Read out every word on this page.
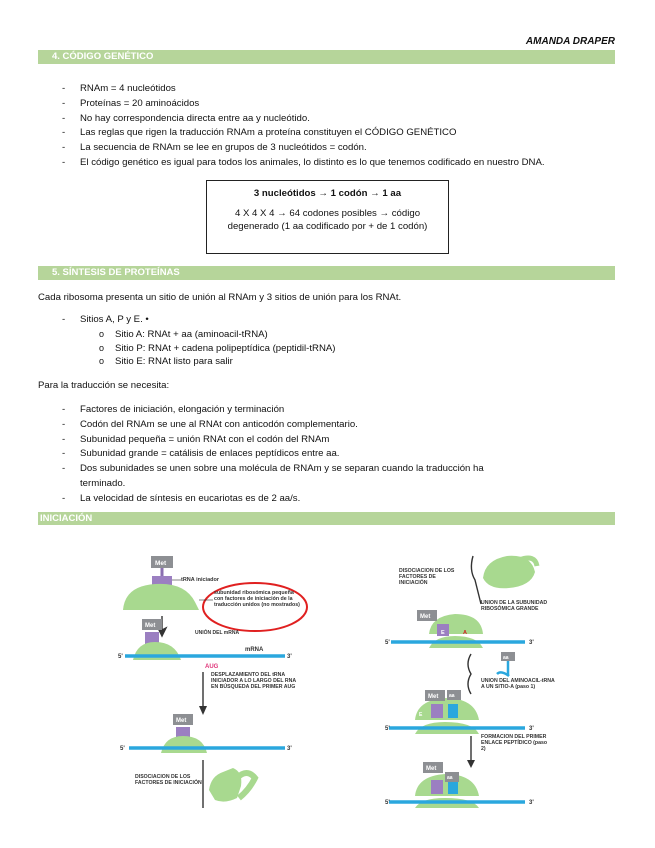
AMANDA DRAPER
4. CÓDIGO GENÉTICO
- RNAm = 4 nucleótidos
- Proteínas = 20 aminoácidos
- No hay correspondencia directa entre aa y nucleótido.
- Las reglas que rigen la traducción RNAm a proteína constituyen el CÓDIGO GENÉTICO
- La secuencia de RNAm se lee en grupos de 3 nucleótidos = codón.
- El código genético es igual para todos los animales, lo distinto es lo que tenemos codificado en nuestro DNA.
3 nucleótidos → 1 codón → 1 aa
4 X 4 X 4 → 64 codones posibles → código degenerado (1 aa codificado por + de 1 codón)
5. SÍNTESIS DE PROTEÍNAS
Cada ribosoma presenta un sitio de unión al RNAm y 3 sitios de unión para los RNAt.
- Sitios A, P y E. •
o Sitio A: RNAt + aa (aminoacil-tRNA)
o Sitio P: RNAt + cadena polipeptídica (peptidil-tRNA)
o Sitio E: RNAt listo para salir
Para la traducción se necesita:
- Factores de iniciación, elongación y terminación
- Codón del RNAm se une al RNAt con anticodón complementario.
- Subunidad pequeña = unión RNAt con el codón del RNAm
- Subunidad grande = catálisis de enlaces peptídicos entre aa.
- Dos subunidades se unen sobre una molécula de RNAm y se separan cuando la traducción ha terminado.
- La velocidad de síntesis en eucariotas es de 2 aa/s.
INICIACIÓN
Met
tRNA iniciador
subunidad ribosómica pequeña con factores de iniciación de la traducción unidos (no mostrados)
UNIÓN DEL mRNA
Met
5'	3'
mRNA
AUG
DESPLAZAMIENTO DEL tRNA INICIADOR A LO LARGO DEL RNA EN BÚSQUEDA DEL PRIMER AUG
Met
5'	3'
DISOCIACIÓN DE LOS FACTORES DE INICIACIÓN
DISOCIACIÓN DE LOS FACTORES DE INICIACIÓN
UNIÓN DE LA SUBUNIDAD RIBOSÓMICA GRANDE
Met
E	A
5'	3'
aa
UNIÓN DEL AMINOACIL-tRNA A UN SITIO-A (paso 1)
Met aa
E
5'	3'
FORMACIÓN DEL PRIMER ENLACE PEPTÍDICO (paso 2)
Met
aa
5'	3'
